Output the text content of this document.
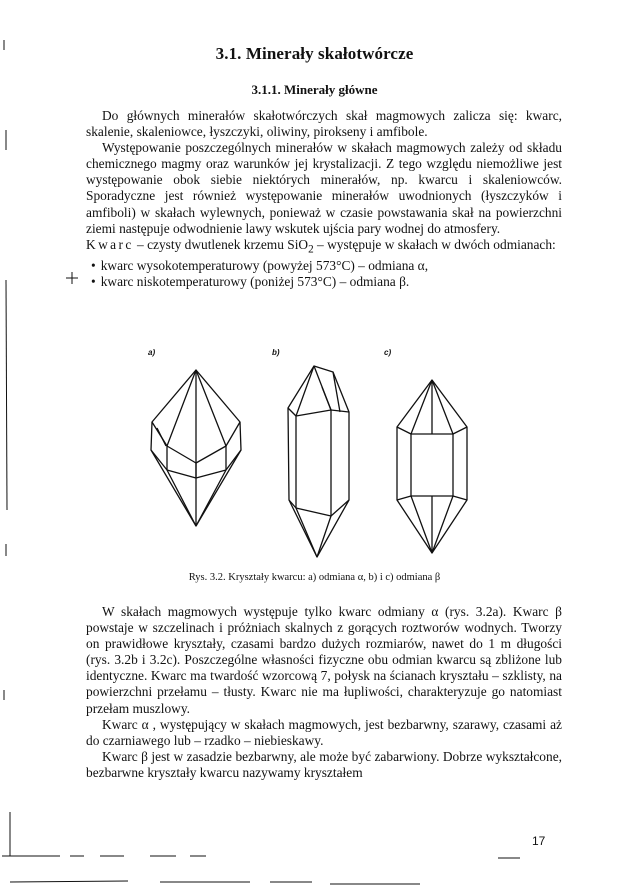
3.1. Minerały skałotwórcze
3.1.1. Minerały główne

Do głównych minerałów skałotwórczych skał magmowych zalicza się: kwarc, skalenie, skaleniowce, łyszczyki, oliwiny, pirokseny i amfibole.

Występowanie poszczególnych minerałów w skałach magmowych zależy od składu chemicznego magmy oraz warunków jej krystalizacji. Z tego względu niemożliwe jest występowanie obok siebie niektórych minerałów, np. kwarcu i skaleniowców. Sporadyczne jest również występowanie minerałów uwodnionych (łyszczyków i amfiboli) w skałach wylewnych, ponieważ w czasie powstawania skał na powierzchni ziemi następuje odwodnienie lawy wskutek ujścia pary wodnej do atmosfery.

Kwarc – czysty dwutlenek krzemu SiO$_2$ – występuje w skałach w dwóch odmianach:

• kwarc wysokotemperaturowy (powyżej 573°C) – odmiana α,
• kwarc niskotemperaturowy (poniżej 573°C) – odmiana β.
a)	b)	c)
Rys. 3.2. Kryształy kwarcu: a) odmiana α, b) i c) odmiana β

W skałach magmowych występuje tylko kwarc odmiany α (rys. 3.2a). Kwarc β powstaje w szczelinach i próżniach skalnych z gorących roztworów wodnych. Tworzy on prawidłowe kryształy, czasami bardzo dużych rozmiarów, nawet do 1 m długości (rys. 3.2b i 3.2c). Poszczególne własności fizyczne obu odmian kwarcu są zbliżone lub identyczne. Kwarc ma twardość wzorcową 7, połysk na ścianach kryształu – szklisty, na powierzchni przełamu – tłusty. Kwarc nie ma łupliwości, charakteryzuje go natomiast przełam muszlowy.

Kwarc α , występujący w skałach magmowych, jest bezbarwny, szarawy, czasami aż do czarniawego lub – rzadko – niebieskawy.

Kwarc β jest w zasadzie bezbarwny, ale może być zabarwiony. Dobrze wykształcone, bezbarwne kryształy kwarcu nazywamy kryształem

17
